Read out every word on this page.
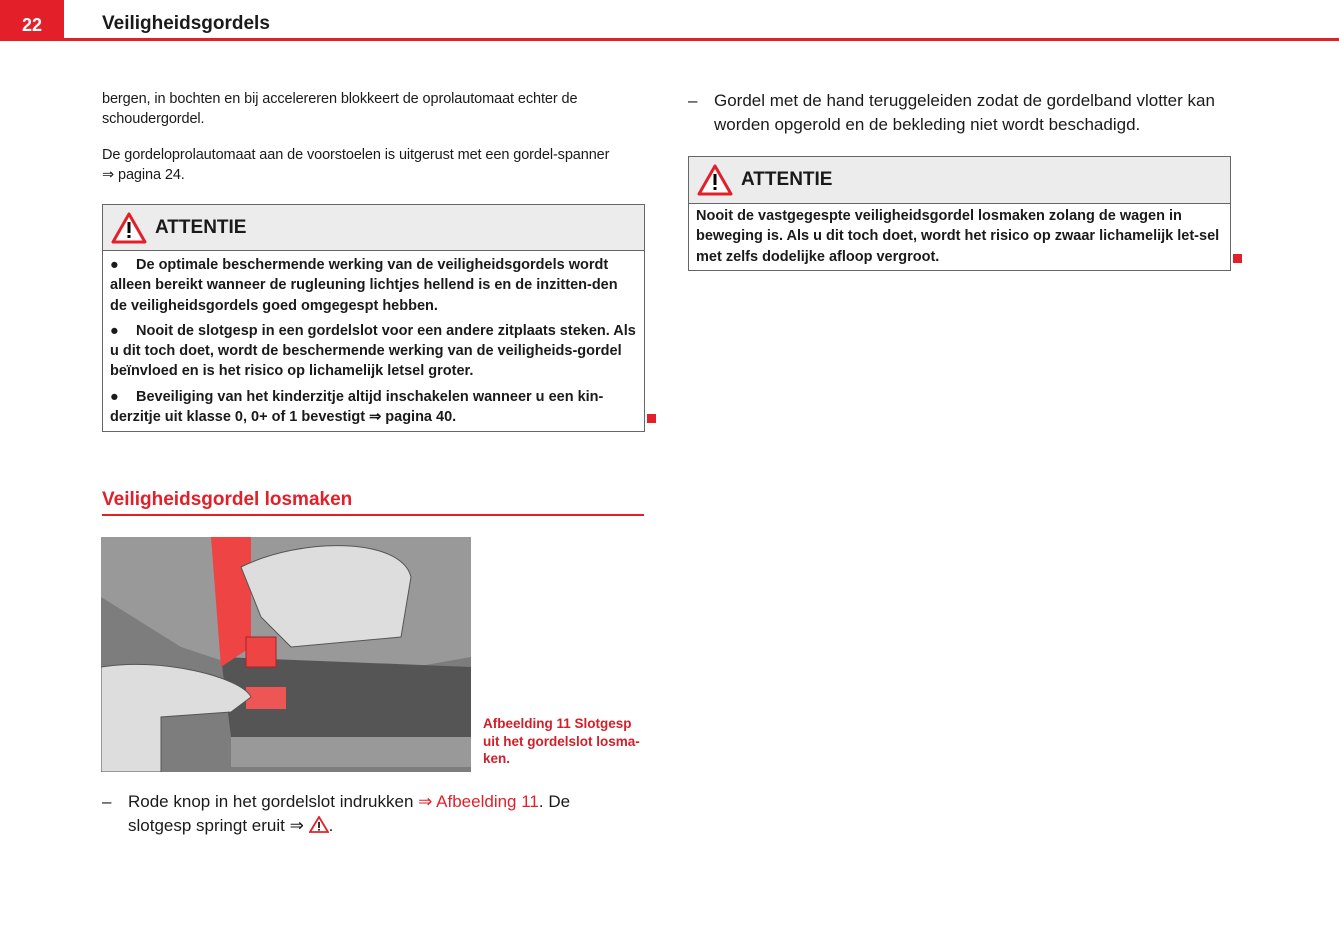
22	Veiligheidsgordels
bergen, in bochten en bij accelereren blokkeert de oprolautomaat echter de schoudergordel.
De gordeloprolautomaat aan de voorstoelen is uitgerust met een gordel-spanner ⇒ pagina 24.
ATTENTIE

● De optimale beschermende werking van de veiligheidsgordels wordt alleen bereikt wanneer de rugleuning lichtjes hellend is en de inzitten-den de veiligheidsgordels goed omgegespt hebben.

● Nooit de slotgesp in een gordelslot voor een andere zitplaats steken. Als u dit toch doet, wordt de beschermende werking van de veiligheids-gordel beïnvloed en is het risico op lichamelijk letsel groter.

● Beveiliging van het kinderzitje altijd inschakelen wanneer u een kin-derzitje uit klasse 0, 0+ of 1 bevestigt ⇒ pagina 40.

Veiligheidsgordel losmaken
Afbeelding 11 Slotgesp uit het gordelslot losma-ken.
– Rode knop in het gordelslot indrukken ⇒ Afbeelding 11. De slotgesp springt eruit ⇒ .
– Gordel met de hand teruggeleiden zodat de gordelband vlotter kan worden opgerold en de bekleding niet wordt beschadigd.
ATTENTIE
Nooit de vastgegespte veiligheidsgordel losmaken zolang de wagen in beweging is. Als u dit toch doet, wordt het risico op zwaar lichamelijk let-sel met zelfs dodelijke afloop vergroot.
